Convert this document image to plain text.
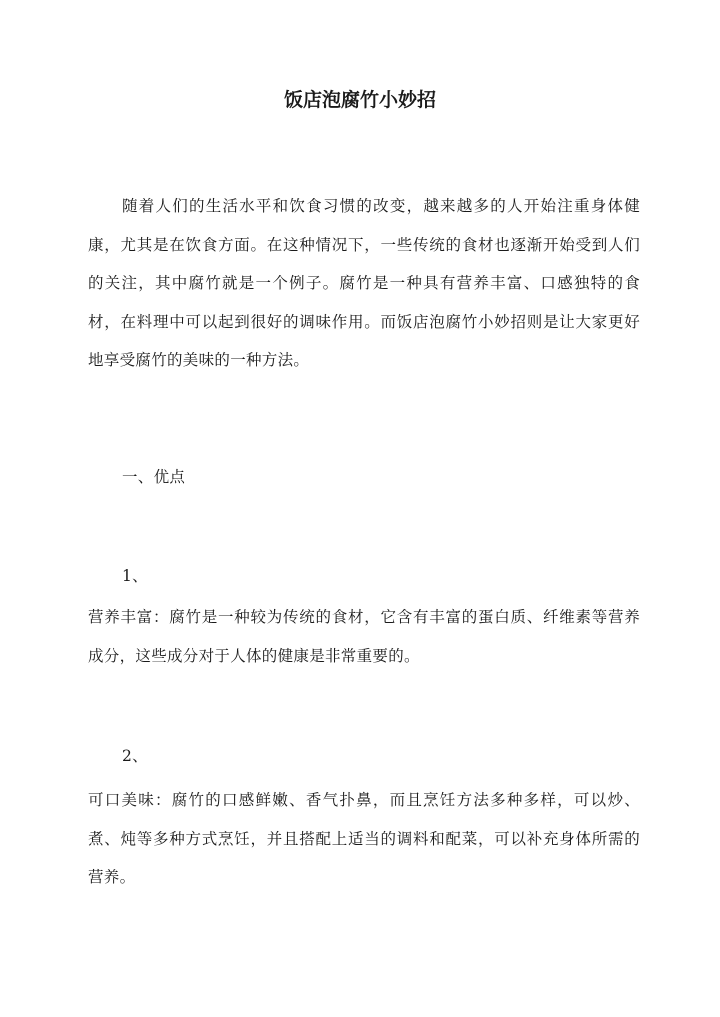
饭店泡腐竹小妙招

随着人们的生活水平和饮食习惯的改变，越来越多的人开始注重身体健康，尤其是在饮食方面。在这种情况下，一些传统的食材也逐渐开始受到人们的关注，其中腐竹就是一个例子。腐竹是一种具有营养丰富、口感独特的食材，在料理中可以起到很好的调味作用。而饭店泡腐竹小妙招则是让大家更好地享受腐竹的美味的一种方法。

一、优点

1、

营养丰富：腐竹是一种较为传统的食材，它含有丰富的蛋白质、纤维素等营养成分，这些成分对于人体的健康是非常重要的。

2、

可口美味：腐竹的口感鲜嫩、香气扑鼻，而且烹饪方法多种多样，可以炒、煮、炖等多种方式烹饪，并且搭配上适当的调料和配菜，可以补充身体所需的营养。
